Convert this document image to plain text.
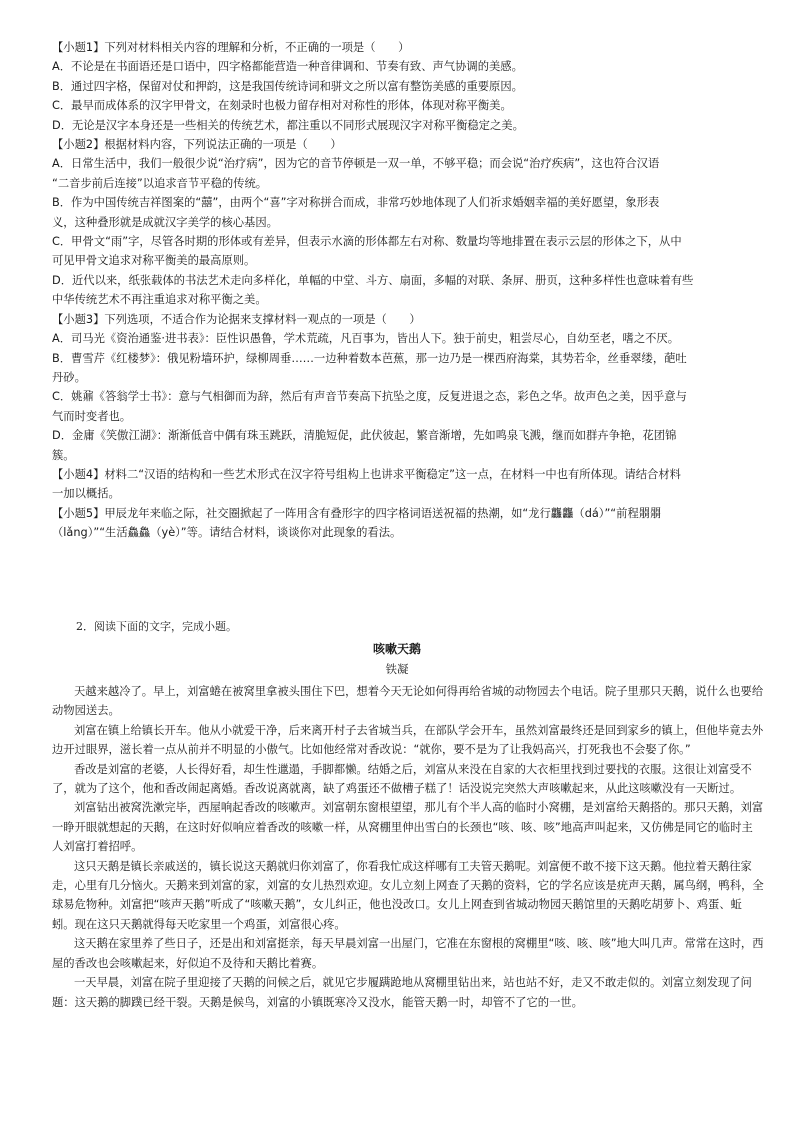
【小题1】下列对材料相关内容的理解和分析，不正确的一项是（　　）

A．不论是在书面语还是口语中，四字格都能营造一种音律调和、节奏有致、声气协调的美感。

B．通过四字格，保留对仗和押韵，这是我国传统诗词和骈文之所以富有整饬美感的重要原因。

C．最早而成体系的汉字甲骨文，在刻录时也极力留存相对对称性的形体，体现对称平衡美。

D．无论是汉字本身还是一些相关的传统艺术，都注重以不同形式展现汉字对称平衡稳定之美。

【小题2】根据材料内容，下列说法正确的一项是（　　）

A．日常生活中，我们一般很少说“治疗病”，因为它的音节停顿是一双一单，不够平稳；而会说“治疗疾病”，这也符合汉语

“二音步前后连接”以追求音节平稳的传统。

B．作为中国传统吉祥图案的“囍”，由两个“喜”字对称拼合而成，非常巧妙地体现了人们祈求婚姻幸福的美好愿望，象形表

义，这种叠形就是成就汉字美学的核心基因。

C．甲骨文“雨”字，尽管各时期的形体或有差异，但表示水滴的形体都左右对称、数量均等地排置在表示云层的形体之下，从中

可见甲骨文追求对称平衡美的最高原则。

D．近代以来，纸张载体的书法艺术走向多样化，单幅的中堂、斗方、扇面，多幅的对联、条屏、册页，这种多样性也意味着有些

中华传统艺术不再注重追求对称平衡之美。

【小题3】下列选项，不适合作为论据来支撑材料一观点的一项是（　　）

A．司马光《资治通鉴·进书表》：臣性识愚鲁，学术荒疏，凡百事为，皆出人下。独于前史，粗尝尽心，自幼至老，嗜之不厌。

B．曹雪芹《红楼梦》：俄见粉墙环护，绿柳周垂……一边种着数本芭蕉，那一边乃是一棵西府海棠，其势若伞，丝垂翠缕，葩吐

丹砂。

C．姚鼐《答翁学士书》：意与气相御而为辞，然后有声音节奏高下抗坠之度，反复进退之态，彩色之华。故声色之美，因乎意与

气而时变者也。

D．金庸《笑傲江湖》：渐渐低音中偶有珠玉跳跃，清脆短促，此伏彼起，繁音渐增，先如鸣泉飞溅，继而如群卉争艳，花团锦

簇。

【小题4】材料二“汉语的结构和一些艺术形式在汉字符号组构上也讲求平衡稳定”这一点，在材料一中也有所体现。请结合材料

一加以概括。

【小题5】甲辰龙年来临之际，社交圈掀起了一阵用含有叠形字的四字格词语送祝福的热潮，如“龙行龘龘（dá）”“前程朤朤

（lǎng）”“生活鱻鱻（yè）”等。请结合材料，谈谈你对此现象的看法。

2．阅读下面的文字，完成小题。
咳嗽天鹅
铁凝

天越来越冷了。早上，刘富蜷在被窝里拿被头围住下巴，想着今天无论如何得再给省城的动物园去个电话。院子里那只天鹅，说什么也要给动物园送去。

刘富在镇上给镇长开车。他从小就爱干净，后来离开村子去省城当兵，在部队学会开车，虽然刘富最终还是回到家乡的镇上，但他毕竟去外边开过眼界，滋长着一点从前并不明显的小傲气。比如他经常对香改说：“就你，要不是为了让我妈高兴，打死我也不会娶了你。”

香改是刘富的老婆，人长得好看，却生性邋遢，手脚都懒。结婚之后，刘富从来没在自家的大衣柜里找到过要找的衣服。这很让刘富受不了，就为了这个，他和香改闹起离婚。香改说离就离，缺了鸡蛋还不做槽子糕了！话没说完突然大声咳嗽起来，从此这咳嗽没有一天断过。

刘富钻出被窝洗漱完毕，西屋响起香改的咳嗽声。刘富朝东窗根望望，那儿有个半人高的临时小窝棚，是刘富给天鹅搭的。那只天鹅，刘富一睁开眼就想起的天鹅，在这时好似响应着香改的咳嗽一样，从窝棚里伸出雪白的长颈也“咳、咳、咳”地高声叫起来，又仿佛是同它的临时主人刘富打着招呼。

这只天鹅是镇长亲戚送的，镇长说这天鹅就归你刘富了，你看我忙成这样哪有工夫管天鹅呢。刘富便不敢不接下这天鹅。他拉着天鹅往家走，心里有几分恼火。天鹅来到刘富的家，刘富的女儿热烈欢迎。女儿立刻上网查了天鹅的资料，它的学名应该是疣声天鹅，属鸟纲，鸭科，全球易危物种。刘富把“咳声天鹅”听成了“咳嗽天鹅”，女儿纠正，他也没改口。女儿上网查到省城动物园天鹅馆里的天鹅吃胡萝卜、鸡蛋、蚯蚓。现在这只天鹅就得每天吃家里一个鸡蛋，刘富很心疼。

这天鹅在家里养了些日子，还是出和刘富挺亲，每天早晨刘富一出屋门，它准在东窗根的窝棚里“咳、咳、咳”地大叫几声。常常在这时，西屋的香改也会咳嗽起来，好似迫不及待和天鹅比着赛。

一天早晨，刘富在院子里迎接了天鹅的问候之后，就见它步履蹒跄地从窝棚里钻出来，站也站不好，走又不敢走似的。刘富立刻发现了问题：这天鹅的脚蹼已经干裂。天鹅是候鸟，刘富的小镇既寒冷又没水，能管天鹅一时，却管不了它的一世。
